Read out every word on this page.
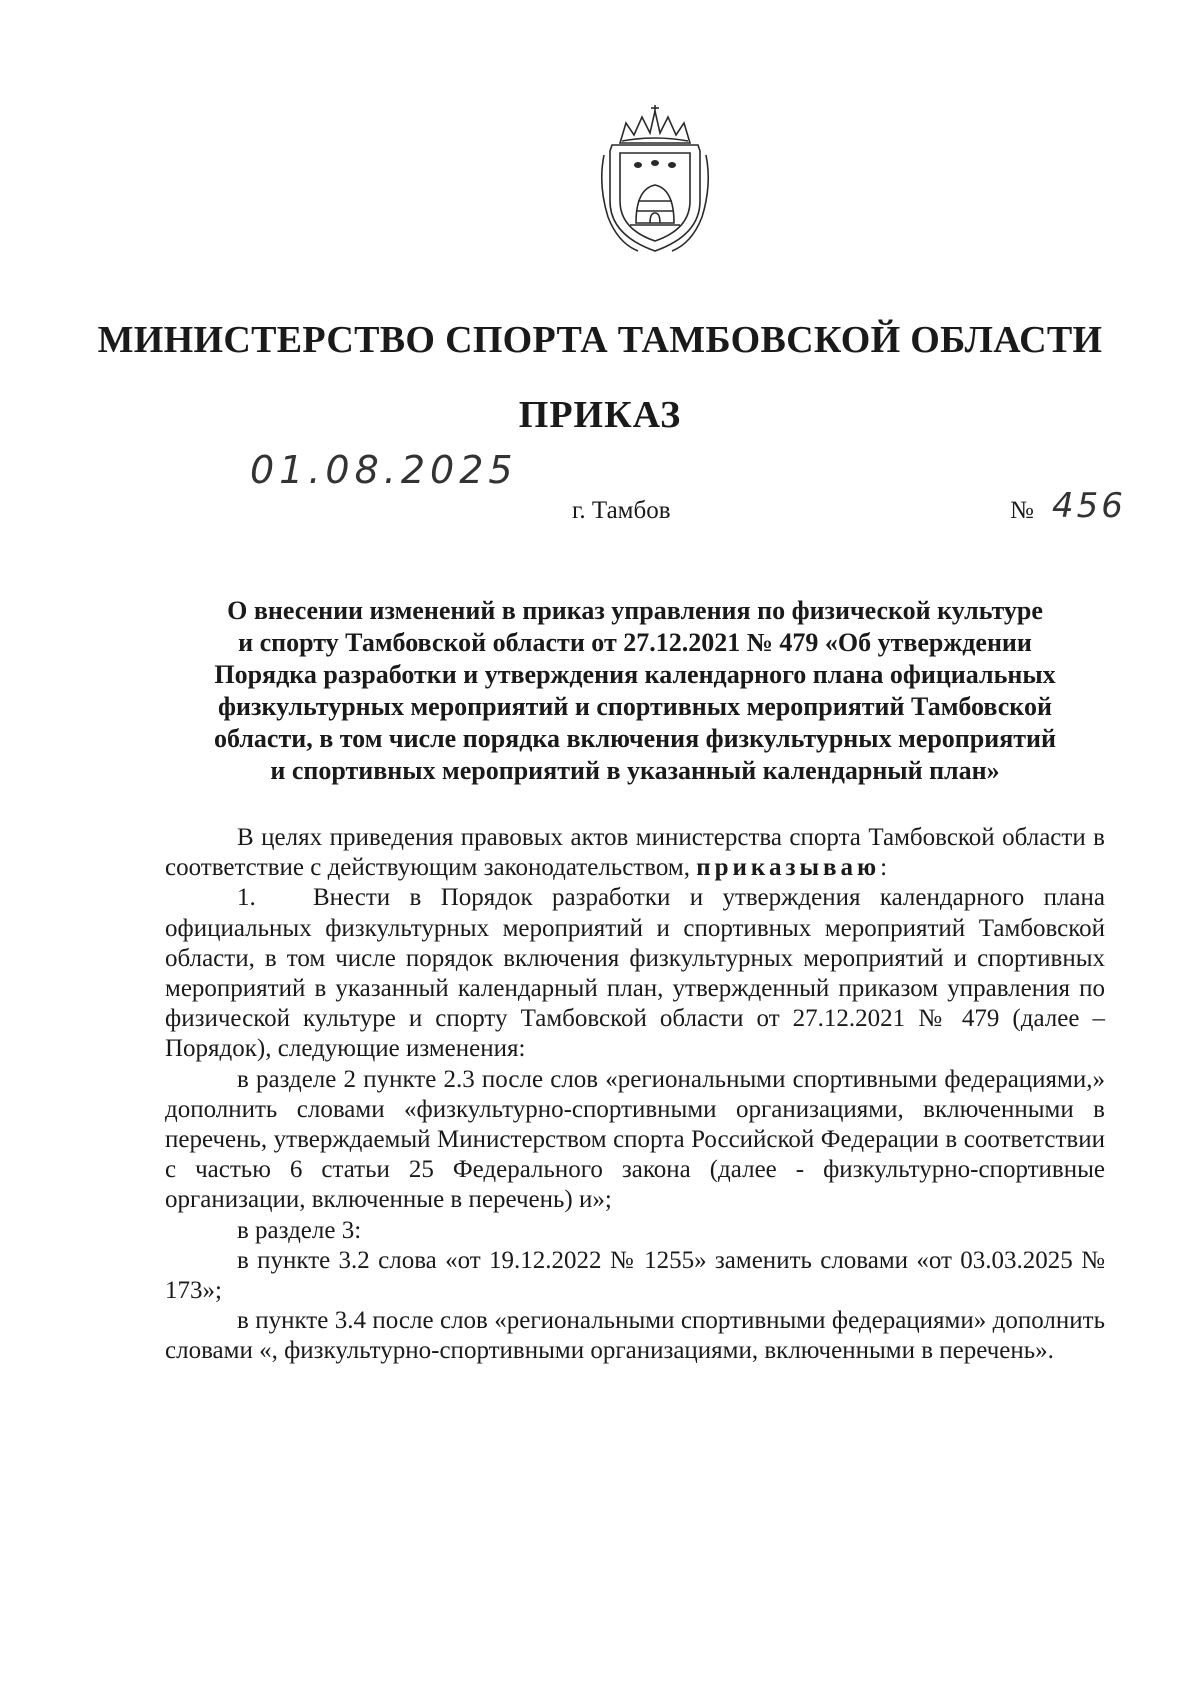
МИНИСТЕРСТВО СПОРТА ТАМБОВСКОЙ ОБЛАСТИ
ПРИКАЗ
01.08.2025
г. Тамбов	№ 456
О внесении изменений в приказ управления по физической культуре
и спорту Тамбовской области от 27.12.2021 № 479 «Об утверждении
Порядка разработки и утверждения календарного плана официальных
физкультурных мероприятий и спортивных мероприятий Тамбовской
области, в том числе порядка включения физкультурных мероприятий
и спортивных мероприятий в указанный календарный план»

В целях приведения правовых актов министерства спорта Тамбовской области в соответствие с действующим законодательством, приказываю:

1. Внести в Порядок разработки и утверждения календарного плана официальных физкультурных мероприятий и спортивных мероприятий Тамбовской области, в том числе порядок включения физкультурных мероприятий и спортивных мероприятий в указанный календарный план, утвержденный приказом управления по физической культуре и спорту Тамбовской области от 27.12.2021 № 479 (далее – Порядок), следующие изменения:

в разделе 2 пункте 2.3 после слов «региональными спортивными федерациями,» дополнить словами «физкультурно-спортивными организациями, включенными в перечень, утверждаемый Министерством спорта Российской Федерации в соответствии с частью 6 статьи 25 Федерального закона (далее - физкультурно-спортивные организации, включенные в перечень) и»;

в разделе 3:

в пункте 3.2 слова «от 19.12.2022 № 1255» заменить словами «от 03.03.2025 № 173»;

в пункте 3.4 после слов «региональными спортивными федерациями» дополнить словами «, физкультурно-спортивными организациями, включенными в перечень».
